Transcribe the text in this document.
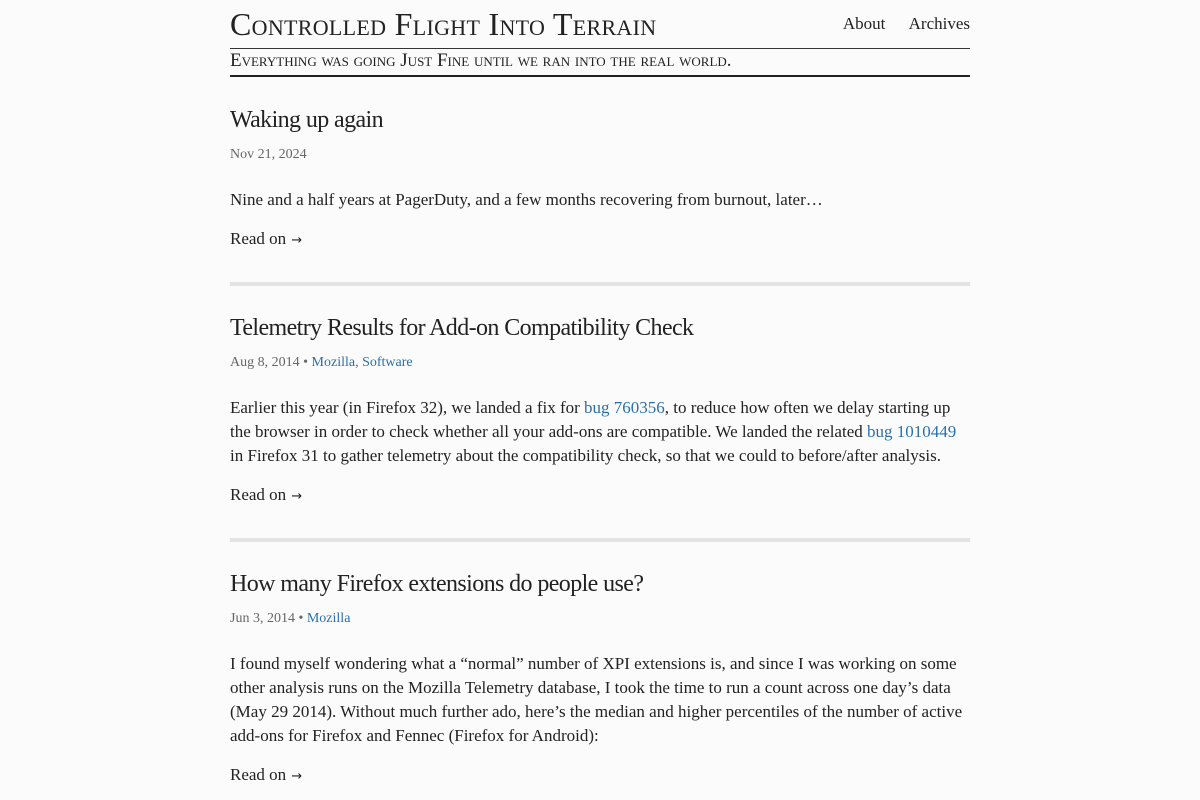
Controlled Flight Into Terrain	About Archives
Everything was going Just Fine until we ran into the real world.
Waking up again
Nov 21, 2024
Nine and a half years at PagerDuty, and a few months recovering from burnout, later…
Read on →
Telemetry Results for Add-on Compatibility Check
Aug 8, 2014 • Mozilla, Software
Earlier this year (in Firefox 32), we landed a fix for bug 760356, to reduce how often we delay starting up the browser in order to check whether all your add-ons are compatible. We landed the related bug 1010449 in Firefox 31 to gather telemetry about the compatibility check, so that we could to before/after analysis.
Read on →
How many Firefox extensions do people use?
Jun 3, 2014 • Mozilla
I found myself wondering what a “normal” number of XPI extensions is, and since I was working on some other analysis runs on the Mozilla Telemetry database, I took the time to run a count across one day’s data (May 29 2014). Without much further ado, here’s the median and higher percentiles of the number of active add-ons for Firefox and Fennec (Firefox for Android):
Read on →
